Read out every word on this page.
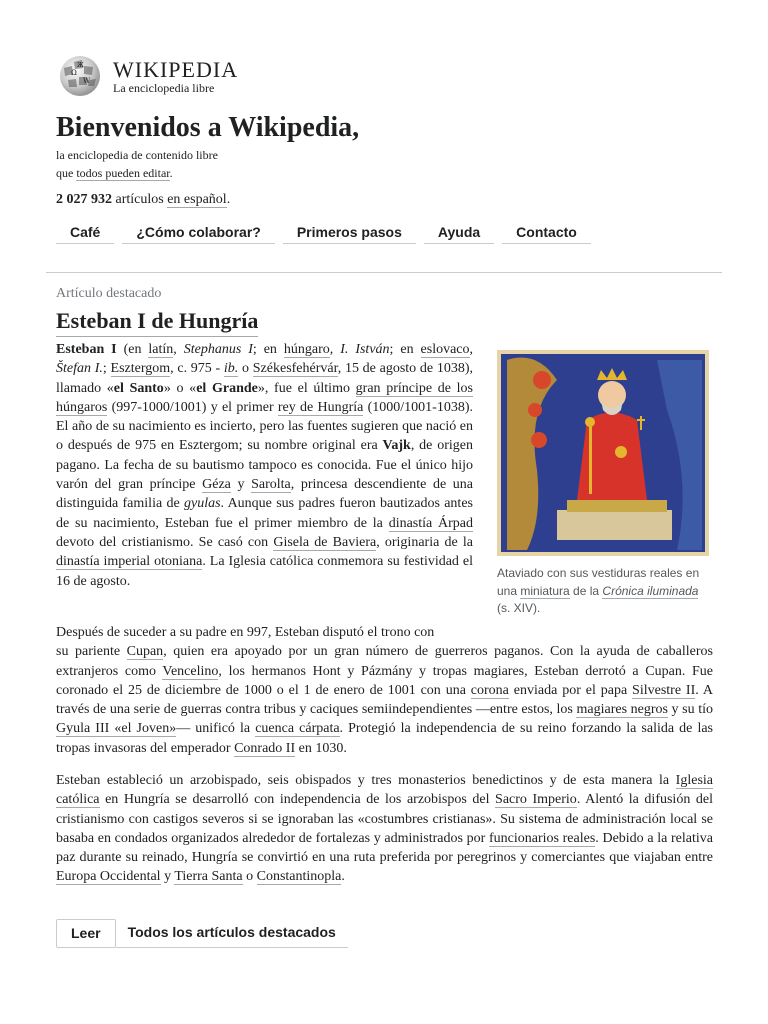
Ω
W
Ж WIKIPEDIA
La enciclopedia libre
Bienvenidos a Wikipedia,
la enciclopedia de contenido libre
que todos pueden editar.
2 027 932 artículos en español.
Café	¿Cómo colaborar?	Primeros pasos	Ayuda	Contacto
Artículo destacado
Esteban I de Hungría
Ataviado con sus vestiduras reales en una miniatura de la Crónica iluminada (s. XIV).

Esteban I (en latín, Stephanus I; en húngaro, I. István; en eslovaco, Štefan I.; Esztergom, c. 975 - ib. o Székesfehérvár, 15 de agosto de 1038), llamado «el Santo» o «el Grande», fue el último gran príncipe de los húngaros (997-1000/1001) y el primer rey de Hungría (1000/1001-1038). El año de su nacimiento es incierto, pero las fuentes sugieren que nació en o después de 975 en Esztergom; su nombre original era Vajk, de origen pagano. La fecha de su bautismo tampoco es conocida. Fue el único hijo varón del gran príncipe Géza y Sarolta, princesa descendiente de una distinguida familia de gyulas. Aunque sus padres fueron bautizados antes de su nacimiento, Esteban fue el primer miembro de la dinastía Árpad devoto del cristianismo. Se casó con Gisela de Baviera, originaria de la dinastía imperial otoniana. La Iglesia católica conmemora su festividad el 16 de agosto.

Después de suceder a su padre en 997, Esteban disputó el trono con
su pariente Cupan, quien era apoyado por un gran número de guerreros paganos. Con la ayuda de caballeros extranjeros como Vencelino, los hermanos Hont y Pázmány y tropas magiares, Esteban derrotó a Cupan. Fue coronado el 25 de diciembre de 1000 o el 1 de enero de 1001 con una corona enviada por el papa Silvestre II. A través de una serie de guerras contra tribus y caciques semiindependientes —entre estos, los magiares negros y su tío Gyula III «el Joven»— unificó la cuenca cárpata. Protegió la independencia de su reino forzando la salida de las tropas invasoras del emperador Conrado II en 1030.

Esteban estableció un arzobispado, seis obispados y tres monasterios benedictinos y de esta manera la Iglesia católica en Hungría se desarrolló con independencia de los arzobispos del Sacro Imperio. Alentó la difusión del cristianismo con castigos severos si se ignoraban las «costumbres cristianas». Su sistema de administración local se basaba en condados organizados alrededor de fortalezas y administrados por funcionarios reales. Debido a la relativa paz durante su reinado, Hungría se convirtió en una ruta preferida por peregrinos y comerciantes que viajaban entre Europa Occidental y Tierra Santa o Constantinopla.

Leer	Todos los artículos destacados
